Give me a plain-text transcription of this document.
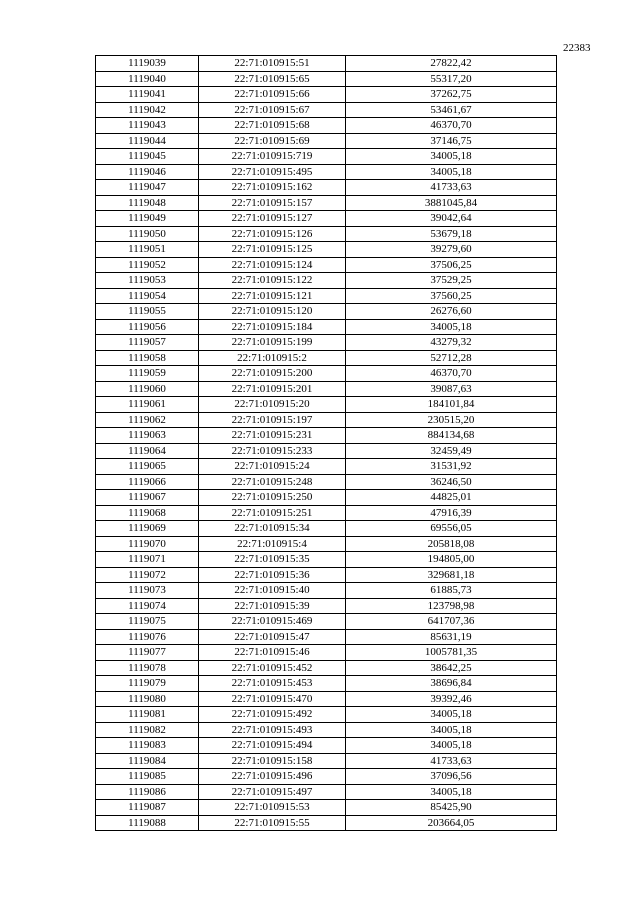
22383
1119039	22:71:010915:51	27822,42
1119040	22:71:010915:65	55317,20
1119041	22:71:010915:66	37262,75
1119042	22:71:010915:67	53461,67
1119043	22:71:010915:68	46370,70
1119044	22:71:010915:69	37146,75
1119045	22:71:010915:719	34005,18
1119046	22:71:010915:495	34005,18
1119047	22:71:010915:162	41733,63
1119048	22:71:010915:157	3881045,84
1119049	22:71:010915:127	39042,64
1119050	22:71:010915:126	53679,18
1119051	22:71:010915:125	39279,60
1119052	22:71:010915:124	37506,25
1119053	22:71:010915:122	37529,25
1119054	22:71:010915:121	37560,25
1119055	22:71:010915:120	26276,60
1119056	22:71:010915:184	34005,18
1119057	22:71:010915:199	43279,32
1119058	22:71:010915:2	52712,28
1119059	22:71:010915:200	46370,70
1119060	22:71:010915:201	39087,63
1119061	22:71:010915:20	184101,84
1119062	22:71:010915:197	230515,20
1119063	22:71:010915:231	884134,68
1119064	22:71:010915:233	32459,49
1119065	22:71:010915:24	31531,92
1119066	22:71:010915:248	36246,50
1119067	22:71:010915:250	44825,01
1119068	22:71:010915:251	47916,39
1119069	22:71:010915:34	69556,05
1119070	22:71:010915:4	205818,08
1119071	22:71:010915:35	194805,00
1119072	22:71:010915:36	329681,18
1119073	22:71:010915:40	61885,73
1119074	22:71:010915:39	123798,98
1119075	22:71:010915:469	641707,36
1119076	22:71:010915:47	85631,19
1119077	22:71:010915:46	1005781,35
1119078	22:71:010915:452	38642,25
1119079	22:71:010915:453	38696,84
1119080	22:71:010915:470	39392,46
1119081	22:71:010915:492	34005,18
1119082	22:71:010915:493	34005,18
1119083	22:71:010915:494	34005,18
1119084	22:71:010915:158	41733,63
1119085	22:71:010915:496	37096,56
1119086	22:71:010915:497	34005,18
1119087	22:71:010915:53	85425,90
1119088	22:71:010915:55	203664,05
